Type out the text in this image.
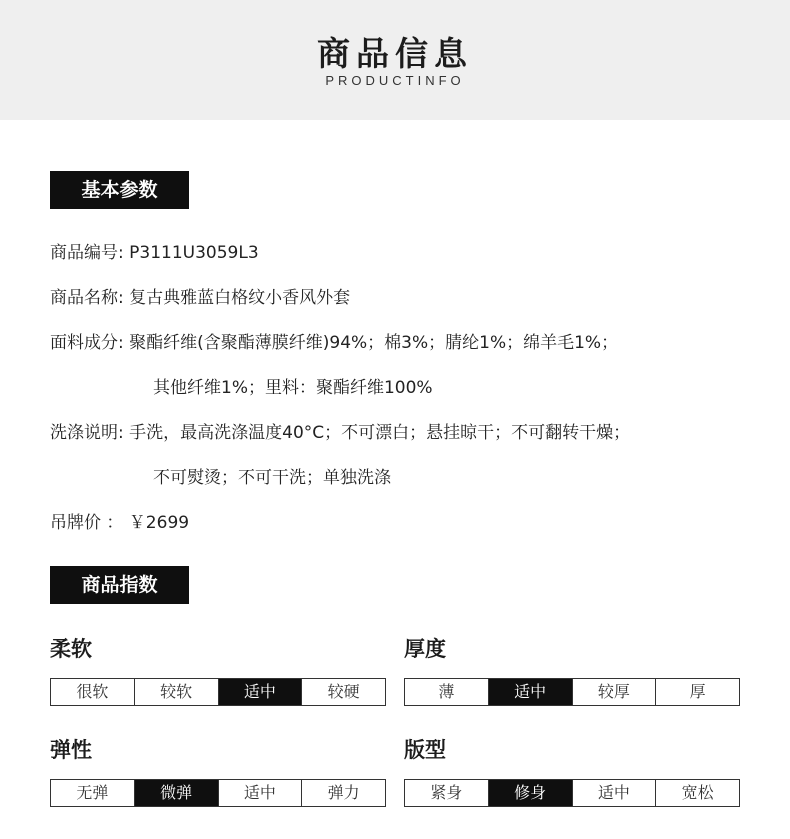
商品信息
PRODUCTINFO
基本参数
商品编号: P3111U3059L3
商品名称: 复古典雅蓝白格纹小香风外套
面料成分: 聚酯纤维(含聚酯薄膜纤维)94%；棉3%；腈纶1%；绵羊毛1%；
其他纤维1%；里料：聚酯纤维100%
洗涤说明: 手洗，最高洗涤温度40°C；不可漂白；悬挂晾干；不可翻转干燥；
不可熨烫；不可干洗；单独洗涤
吊牌价 ： ￥2699
商品指数
柔软
很软	较软	适中	较硬
厚度
薄	适中	较厚	厚
弹性
无弹	微弹	适中	弹力
版型
紧身	修身	适中	宽松
